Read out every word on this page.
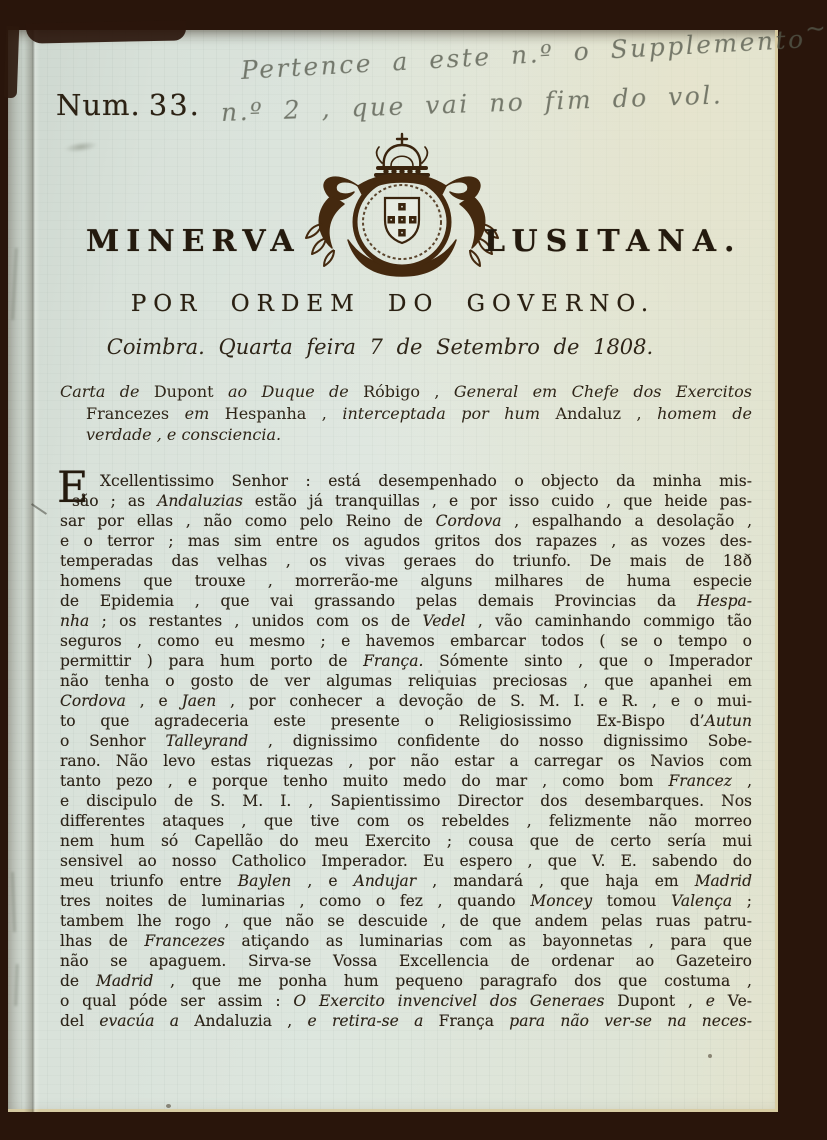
Pertence a este n.º o Supplemento~
n.º 2 , que vai no fim do vol.
Num. 33.
MINERVA	LUSITANA.
POR ORDEM DO GOVERNO.
Coimbra. Quarta feira 7 de Setembro de 1808.
Carta de Dupont ao Duque de Róbigo , General em Chefe dos Exercitos
Francezes em Hespanha , interceptada por hum Andaluz , homem de
verdade , e consciencia.
E Xcellentissimo Senhor : está desempenhado o objecto da minha mis-
são ; as Andaluzias estão já tranquillas , e por isso cuido , que heide pas-
sar por ellas , não como pelo Reino de Cordova , espalhando a desolação ,
e o terror ; mas sim entre os agudos gritos dos rapazes , as vozes des-
temperadas das velhas , os vivas geraes do triunfo. De mais de 18ð
homens que trouxe , morrerão-me alguns milhares de huma especie
de Epidemia , que vai grassando pelas demais Provincias da Hespa-
nha ; os restantes , unidos com os de Vedel , vão caminhando commigo tão
seguros , como eu mesmo ; e havemos embarcar todos ( se o tempo o
permittir ) para hum porto de França. Sómente sinto , que o Imperador
não tenha o gosto de ver algumas reliquias preciosas , que apanhei em
Cordova , e Jaen , por conhecer a devoção de S. M. I. e R. , e o mui-
to que agradeceria este presente o Religiosissimo Ex-Bispo d’Autun
o Senhor Talleyrand , dignissimo confidente do nosso dignissimo Sobe-
rano. Não levo estas riquezas , por não estar a carregar os Navios com
tanto pezo , e porque tenho muito medo do mar , como bom Francez ,
e discipulo de S. M. I. , Sapientissimo Director dos desembarques. Nos
differentes ataques , que tive com os rebeldes , felizmente não morreo
nem hum só Capellão do meu Exercito ; cousa que de certo sería mui
sensivel ao nosso Catholico Imperador. Eu espero , que V. E. sabendo do
meu triunfo entre Baylen , e Andujar , mandará , que haja em Madrid
tres noites de luminarias , como o fez , quando Moncey tomou Valença ;
tambem lhe rogo , que não se descuide , de que andem pelas ruas patru-
lhas de Francezes atiçando as luminarias com as bayonnetas , para que
não se apaguem. Sirva-se Vossa Excellencia de ordenar ao Gazeteiro
de Madrid , que me ponha hum pequeno paragrafo dos que costuma ,
o qual póde ser assim : O Exercito invencivel dos Generaes Dupont , e Ve-
del evacúa a Andaluzia , e retira-se a França para não ver-se na neces-
